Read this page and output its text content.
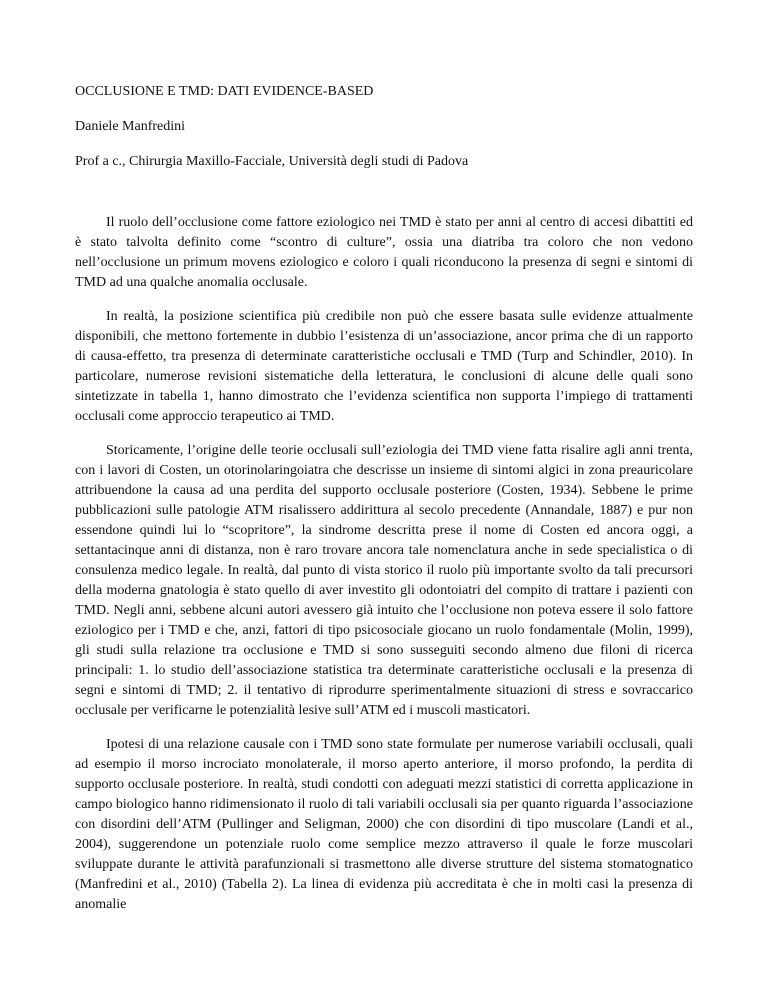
OCCLUSIONE E TMD: DATI EVIDENCE-BASED
Daniele Manfredini
Prof a c., Chirurgia Maxillo-Facciale, Università degli studi di Padova

Il ruolo dell’occlusione come fattore eziologico nei TMD è stato per anni al centro di accesi dibattiti ed è stato talvolta definito come “scontro di culture”, ossia una diatriba tra coloro che non vedono nell’occlusione un primum movens eziologico e coloro i quali riconducono la presenza di segni e sintomi di TMD ad una qualche anomalia occlusale.

In realtà, la posizione scientifica più credibile non può che essere basata sulle evidenze attualmente disponibili, che mettono fortemente in dubbio l’esistenza di un’associazione, ancor prima che di un rapporto di causa-effetto, tra presenza di determinate caratteristiche occlusali e TMD (Turp and Schindler, 2010). In particolare, numerose revisioni sistematiche della letteratura, le conclusioni di alcune delle quali sono sintetizzate in tabella 1, hanno dimostrato che l’evidenza scientifica non supporta l’impiego di trattamenti occlusali come approccio terapeutico ai TMD.

Storicamente, l’origine delle teorie occlusali sull’eziologia dei TMD viene fatta risalire agli anni trenta, con i lavori di Costen, un otorinolaringoiatra che descrisse un insieme di sintomi algici in zona preauricolare attribuendone la causa ad una perdita del supporto occlusale posteriore (Costen, 1934). Sebbene le prime pubblicazioni sulle patologie ATM risalissero addirittura al secolo precedente (Annandale, 1887) e pur non essendone quindi lui lo “scopritore”, la sindrome descritta prese il nome di Costen ed ancora oggi, a settantacinque anni di distanza, non è raro trovare ancora tale nomenclatura anche in sede specialistica o di consulenza medico legale. In realtà, dal punto di vista storico il ruolo più importante svolto da tali precursori della moderna gnatologia è stato quello di aver investito gli odontoiatri del compito di trattare i pazienti con TMD. Negli anni, sebbene alcuni autori avessero già intuito che l’occlusione non poteva essere il solo fattore eziologico per i TMD e che, anzi, fattori di tipo psicosociale giocano un ruolo fondamentale (Molin, 1999), gli studi sulla relazione tra occlusione e TMD si sono susseguiti secondo almeno due filoni di ricerca principali: 1. lo studio dell’associazione statistica tra determinate caratteristiche occlusali e la presenza di segni e sintomi di TMD; 2. il tentativo di riprodurre sperimentalmente situazioni di stress e sovraccarico occlusale per verificarne le potenzialità lesive sull’ATM ed i muscoli masticatori.

Ipotesi di una relazione causale con i TMD sono state formulate per numerose variabili occlusali, quali ad esempio il morso incrociato monolaterale, il morso aperto anteriore, il morso profondo, la perdita di supporto occlusale posteriore. In realtà, studi condotti con adeguati mezzi statistici di corretta applicazione in campo biologico hanno ridimensionato il ruolo di tali variabili occlusali sia per quanto riguarda l’associazione con disordini dell’ATM (Pullinger and Seligman, 2000) che con disordini di tipo muscolare (Landi et al., 2004), suggerendone un potenziale ruolo come semplice mezzo attraverso il quale le forze muscolari sviluppate durante le attività parafunzionali si trasmettono alle diverse strutture del sistema stomatognatico (Manfredini et al., 2010) (Tabella 2). La linea di evidenza più accreditata è che in molti casi la presenza di anomalie
